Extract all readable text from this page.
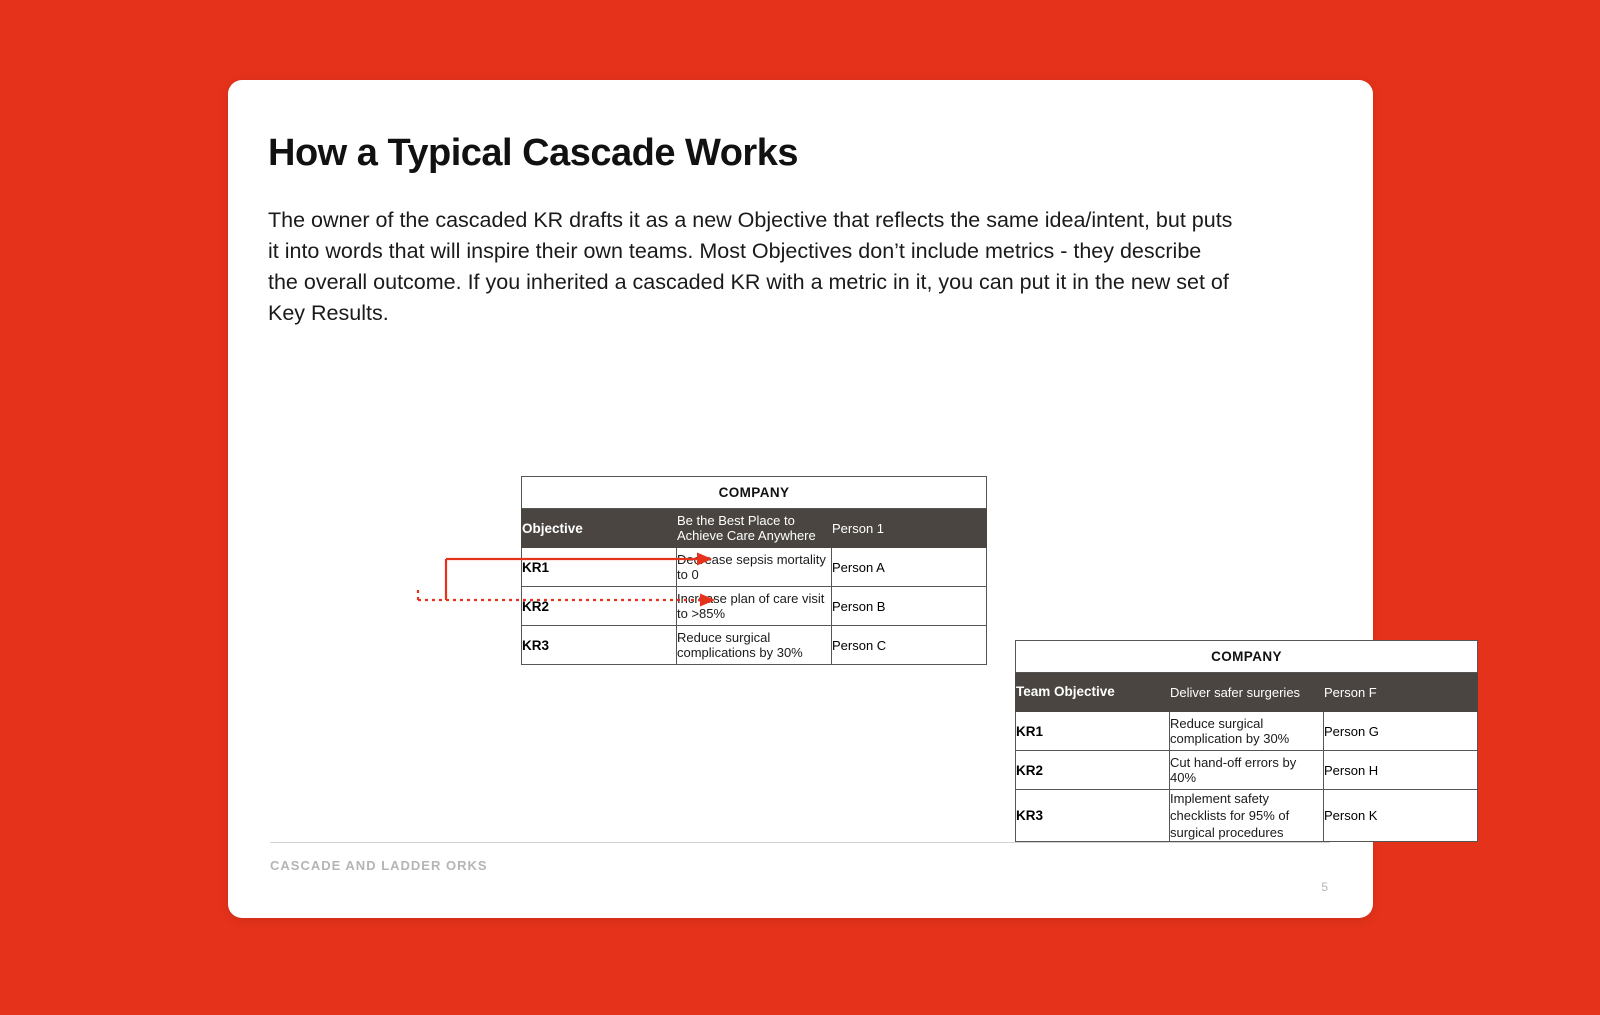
How a Typical Cascade Works
The owner of the cascaded KR drafts it as a new Objective that reflects the same idea/intent, but puts it into words that will inspire their own teams. Most Objectives don’t include metrics - they describe the overall outcome. If you inherited a cascaded KR with a metric in it, you can put it in the new set of Key Results.
COMPANY		
Objective	Be the Best Place to Achieve Care Anywhere	Person 1
KR1	Decrease sepsis mortality to 0	Person A
KR2	Increase plan of care visit to >85%	Person B
KR3	Reduce surgical complications by 30%	Person C
COMPANY		
Team Objective	Deliver safer surgeries	Person F
KR1	Reduce surgical complication by 30%	Person G
KR2	Cut hand-off errors by 40%	Person H
KR3	Implement safety checklists for 95% of surgical procedures	Person K
CASCADE AND LADDER ORKS
5
